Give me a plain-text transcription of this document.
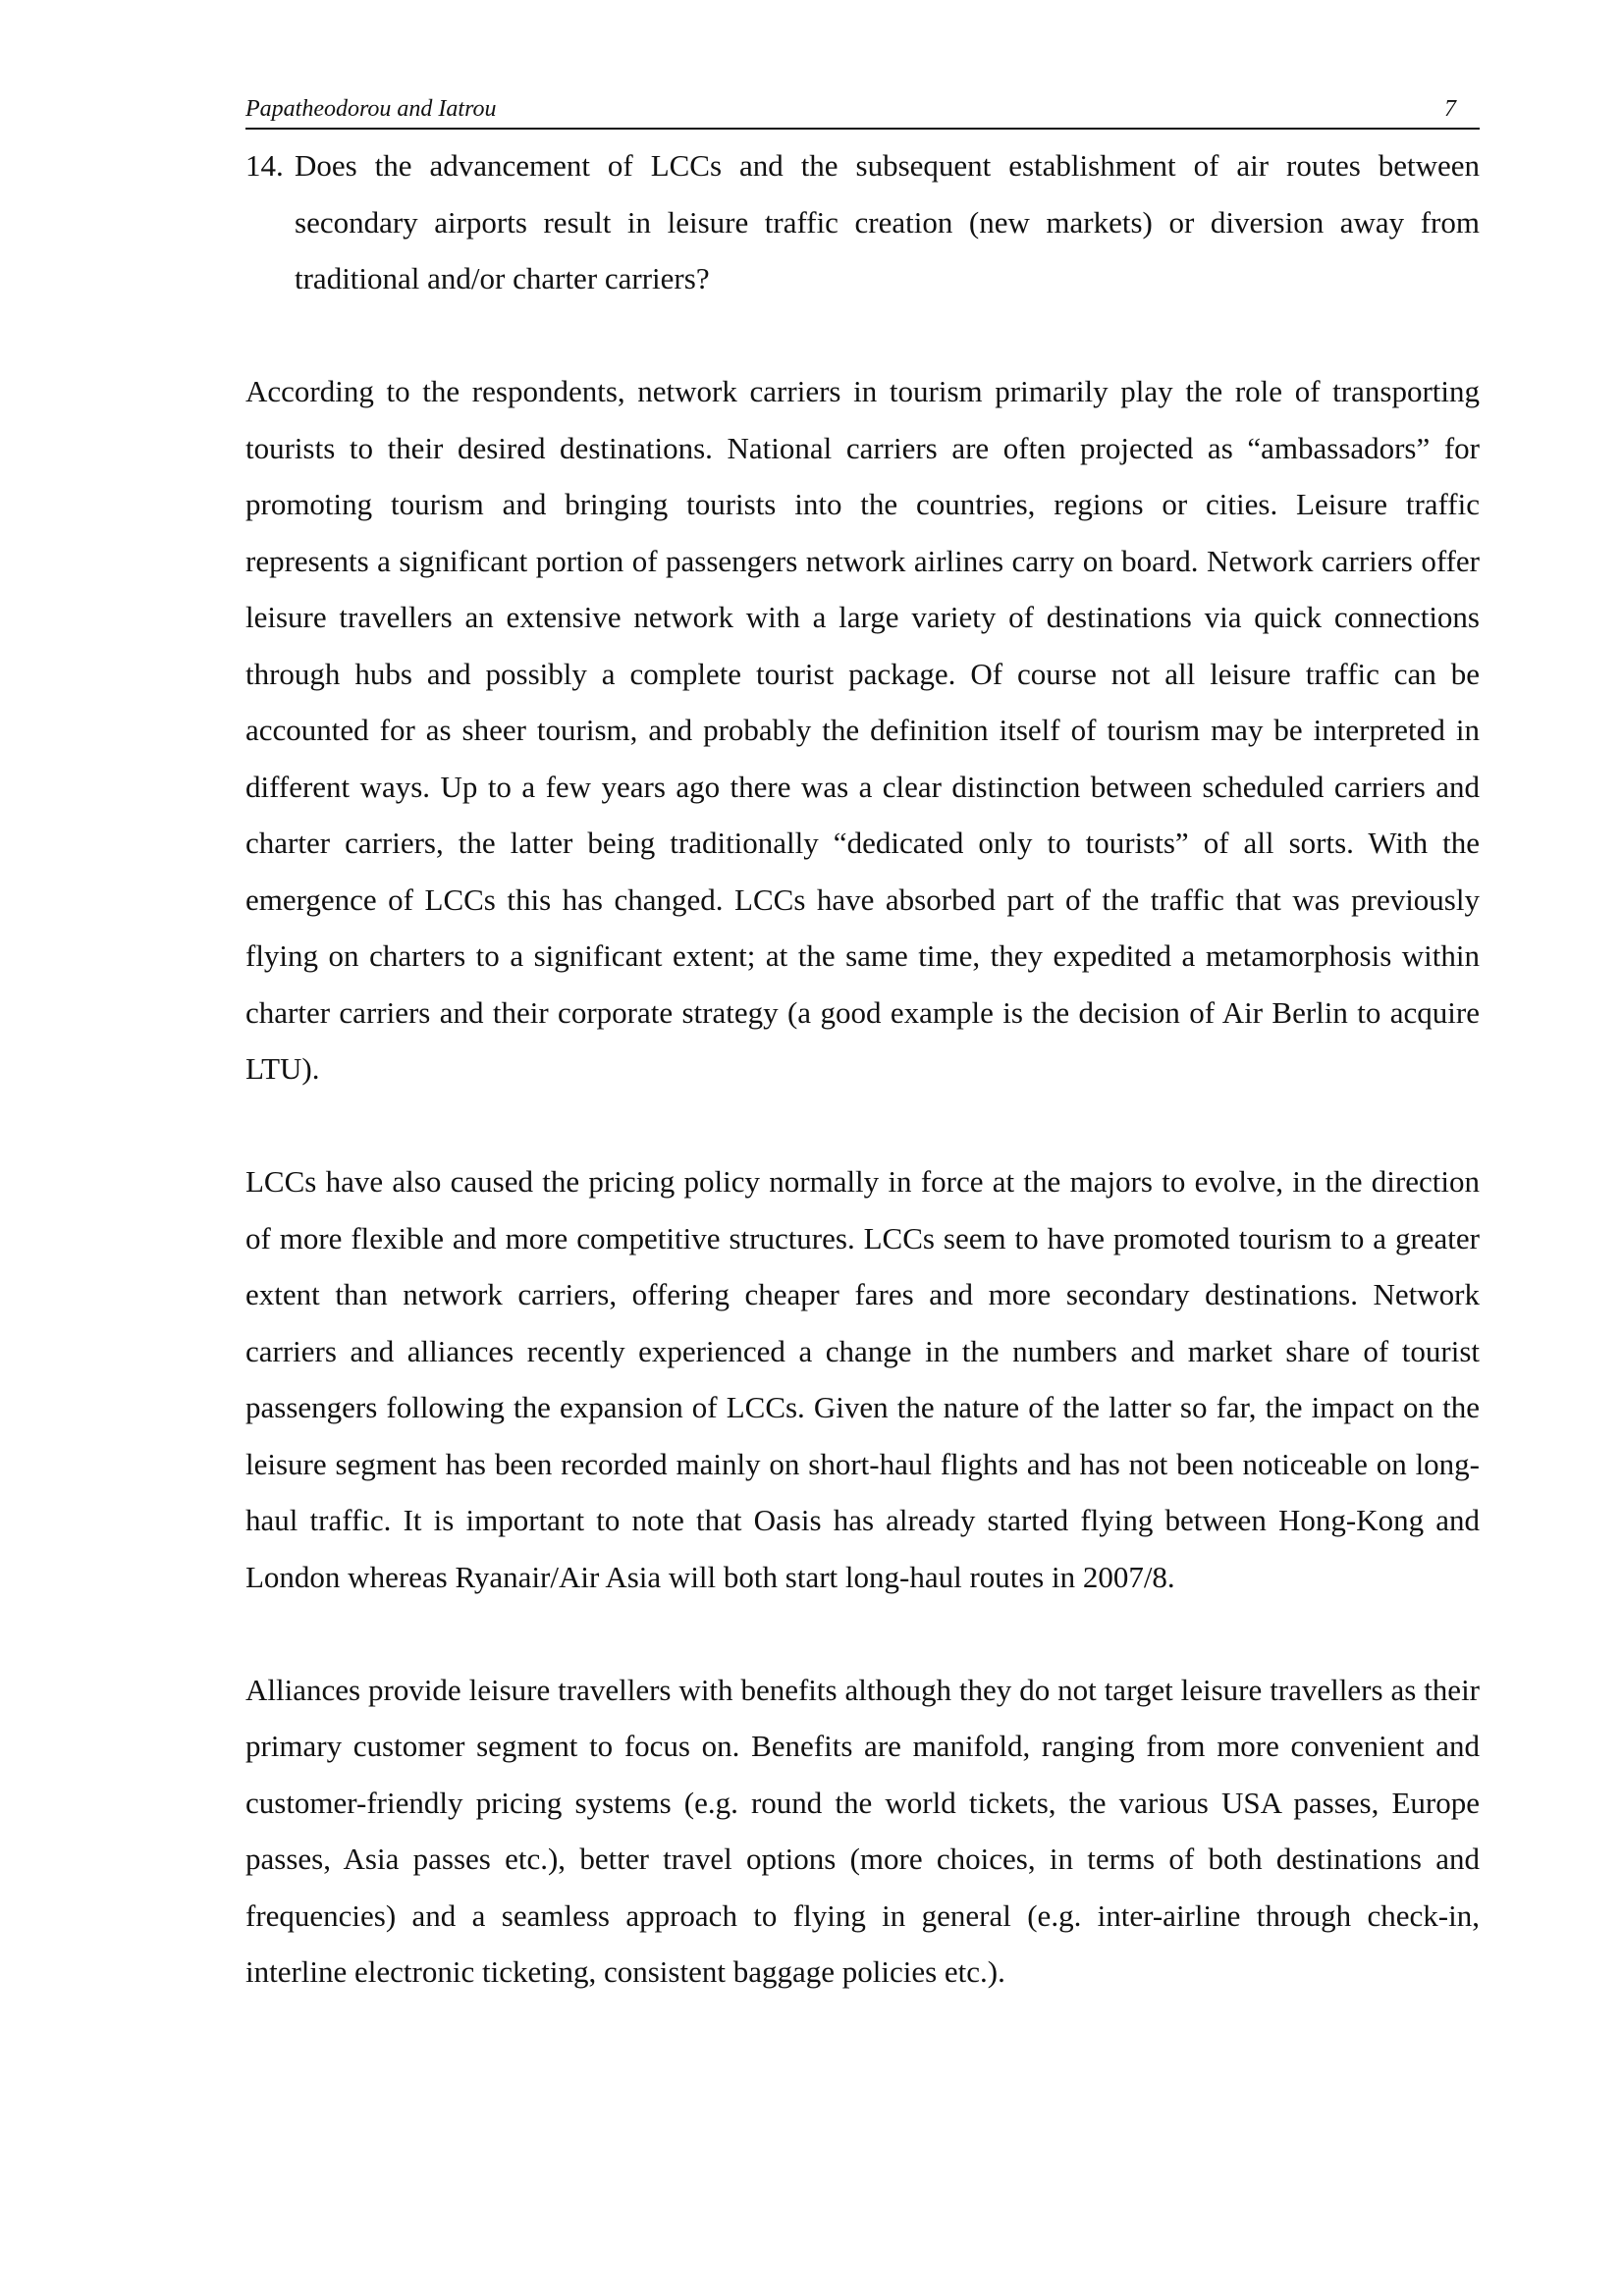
Papatheodorou and Iatrou	7
14. Does the advancement of LCCs and the subsequent establishment of air routes between secondary airports result in leisure traffic creation (new markets) or diversion away from traditional and/or charter carriers?

According to the respondents, network carriers in tourism primarily play the role of transporting tourists to their desired destinations. National carriers are often projected as “ambassadors” for promoting tourism and bringing tourists into the countries, regions or cities. Leisure traffic represents a significant portion of passengers network airlines carry on board. Network carriers offer leisure travellers an extensive network with a large variety of destinations via quick connections through hubs and possibly a complete tourist package. Of course not all leisure traffic can be accounted for as sheer tourism, and probably the definition itself of tourism may be interpreted in different ways. Up to a few years ago there was a clear distinction between scheduled carriers and charter carriers, the latter being traditionally “dedicated only to tourists” of all sorts. With the emergence of LCCs this has changed. LCCs have absorbed part of the traffic that was previously flying on charters to a significant extent; at the same time, they expedited a metamorphosis within charter carriers and their corporate strategy (a good example is the decision of Air Berlin to acquire LTU).

LCCs have also caused the pricing policy normally in force at the majors to evolve, in the direction of more flexible and more competitive structures. LCCs seem to have promoted tourism to a greater extent than network carriers, offering cheaper fares and more secondary destinations. Network carriers and alliances recently experienced a change in the numbers and market share of tourist passengers following the expansion of LCCs. Given the nature of the latter so far, the impact on the leisure segment has been recorded mainly on short-haul flights and has not been noticeable on long-haul traffic. It is important to note that Oasis has already started flying between Hong-Kong and London whereas Ryanair/Air Asia will both start long-haul routes in 2007/8.

Alliances provide leisure travellers with benefits although they do not target leisure travellers as their primary customer segment to focus on. Benefits are manifold, ranging from more convenient and customer-friendly pricing systems (e.g. round the world tickets, the various USA passes, Europe passes, Asia passes etc.), better travel options (more choices, in terms of both destinations and frequencies) and a seamless approach to flying in general (e.g. inter-airline through check-in, interline electronic ticketing, consistent baggage policies etc.).
